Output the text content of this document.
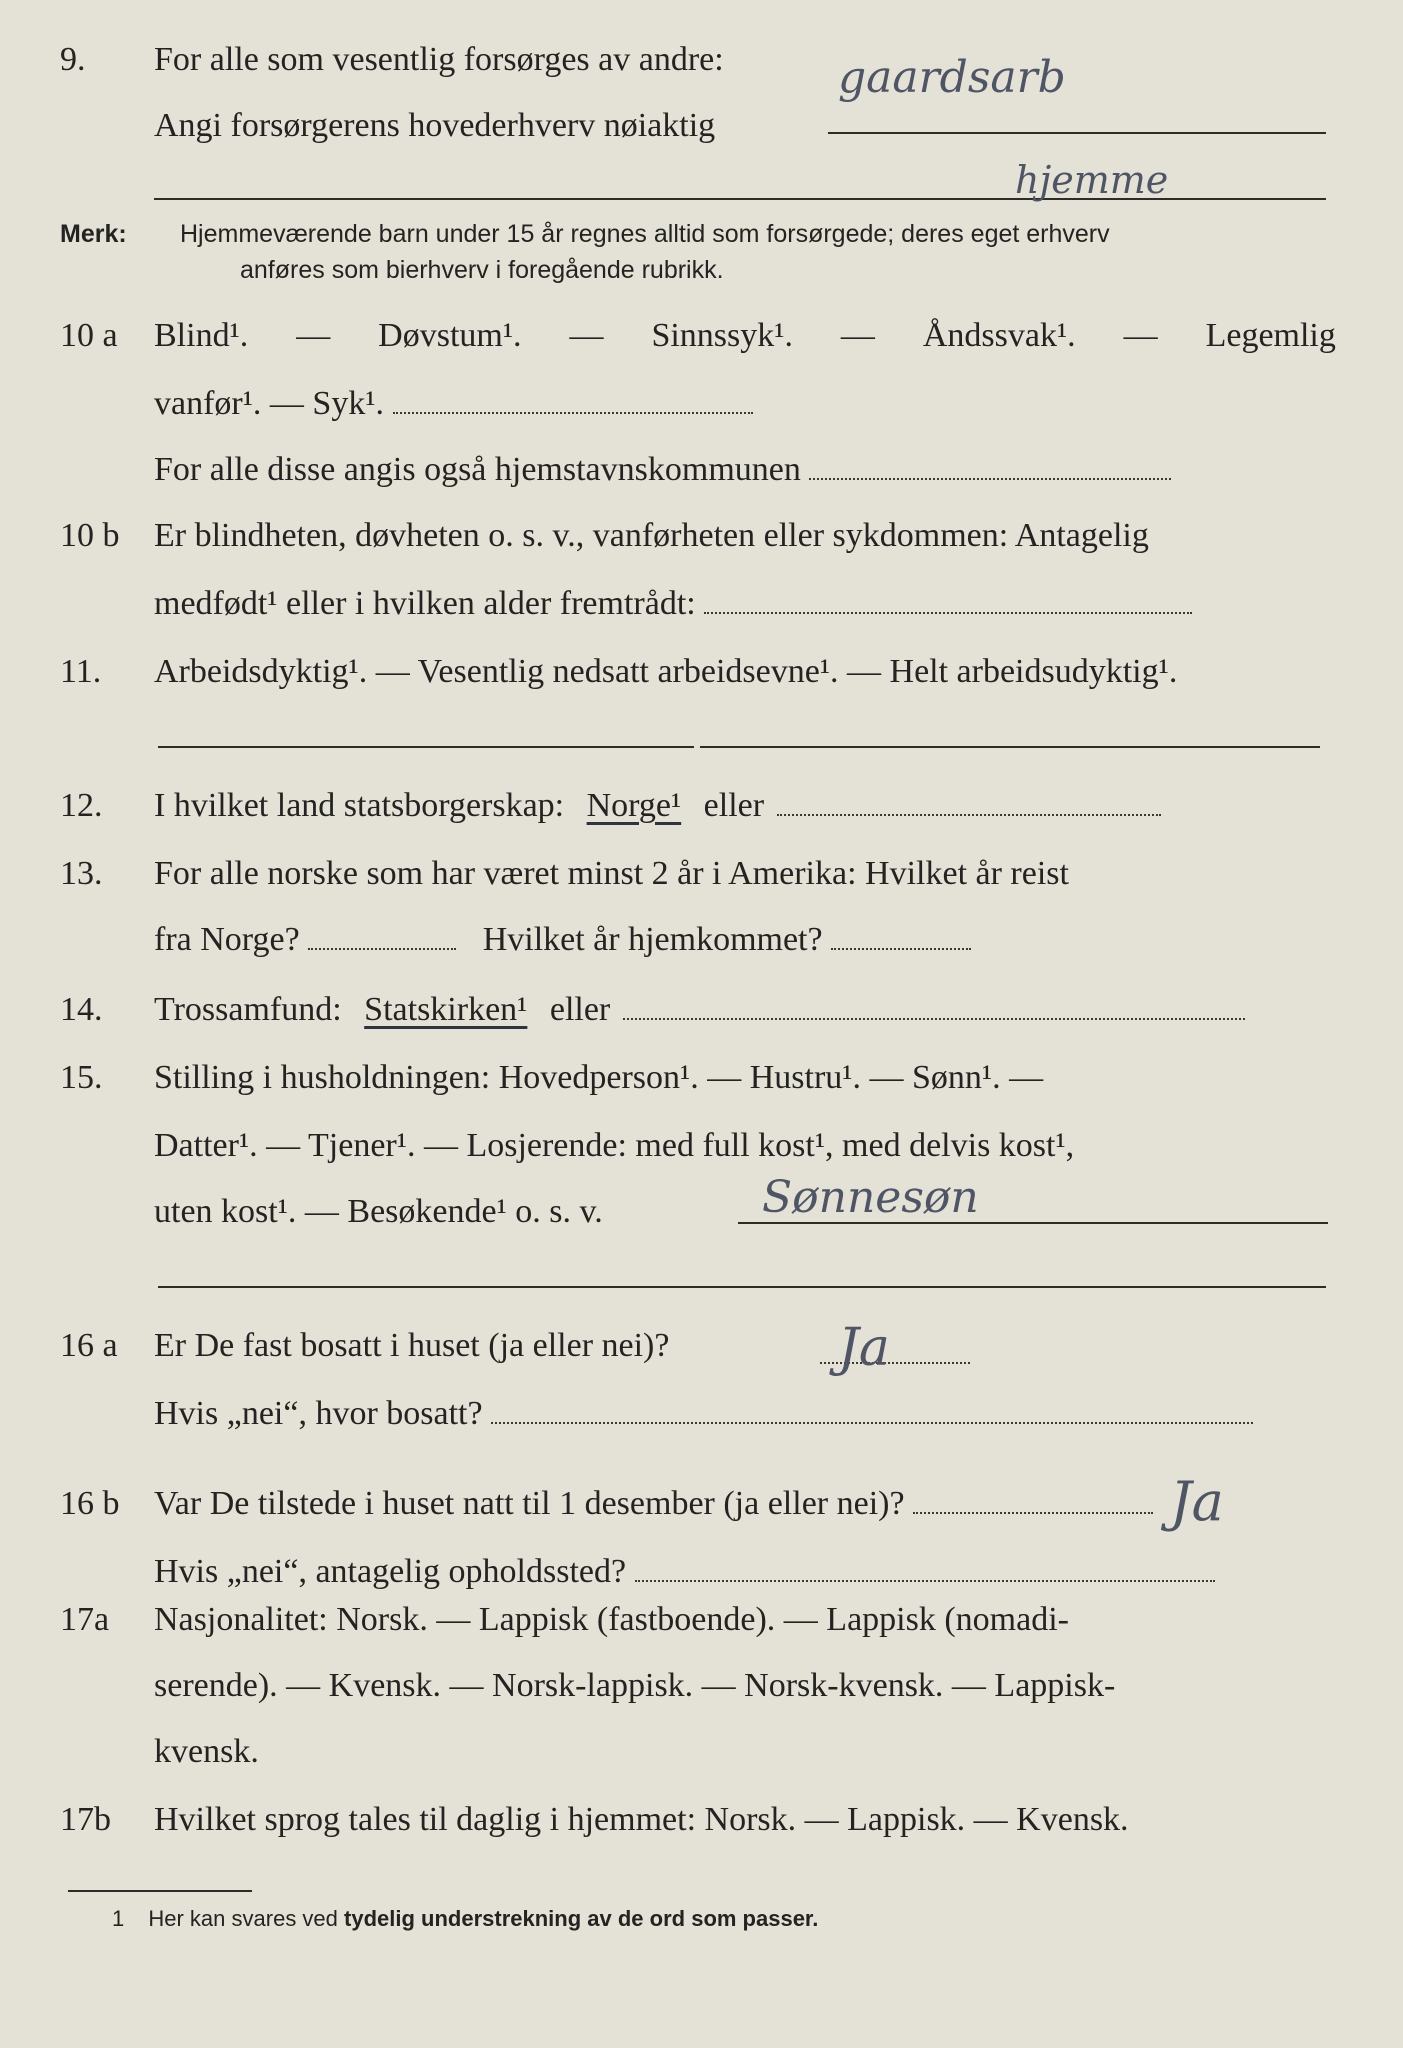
9.	For alle som vesentlig forsørges av andre:
Angi forsørgerens hovederhverv nøiaktig
gaardsarb
hjemme
Merk: Hjemmeværende barn under 15 år regnes alltid som forsørgede; deres eget erhverv
anføres som bierhverv i foregående rubrikk.
10 a	Blind¹. — Døvstum¹. — Sinnssyk¹. — Åndssvak¹. — Legemlig
vanfør¹. — Syk¹.
For alle disse angis også hjemstavnskommunen
10 b	Er blindheten, døvheten o. s. v., vanførheten eller sykdommen: Antagelig
medfødt¹ eller i hvilken alder fremtrådt:
11.	Arbeidsdyktig¹. — Vesentlig nedsatt arbeidsevne¹. — Helt arbeidsudyktig¹.
12.	I hvilket land statsborgerskap: Norge¹ eller
13.	For alle norske som har været minst 2 år i Amerika: Hvilket år reist
fra Norge?	Hvilket år hjemkommet?
14.	Trossamfund: Statskirken¹ eller
15.	Stilling i husholdningen: Hovedperson¹. — Hustru¹. — Sønn¹. —
Datter¹. — Tjener¹. — Losjerende: med full kost¹, med delvis kost¹,
uten kost¹. — Besøkende¹ o. s. v.	Sønnesøn
16 a	Er De fast bosatt i huset (ja eller nei)?
Hvis „nei“, hvor bosatt?
Ja
16 b	Var De tilstede i huset natt til 1 desember (ja eller nei)?
Hvis „nei“, antagelig opholdssted?
Ja
17a	Nasjonalitet: Norsk. — Lappisk (fastboende). — Lappisk (nomadi-
serende). — Kvensk. — Norsk-lappisk. — Norsk-kvensk. — Lappisk-
kvensk.
17b	Hvilket sprog tales til daglig i hjemmet: Norsk. — Lappisk. — Kvensk.
1 Her kan svares ved tydelig understrekning av de ord som passer.
